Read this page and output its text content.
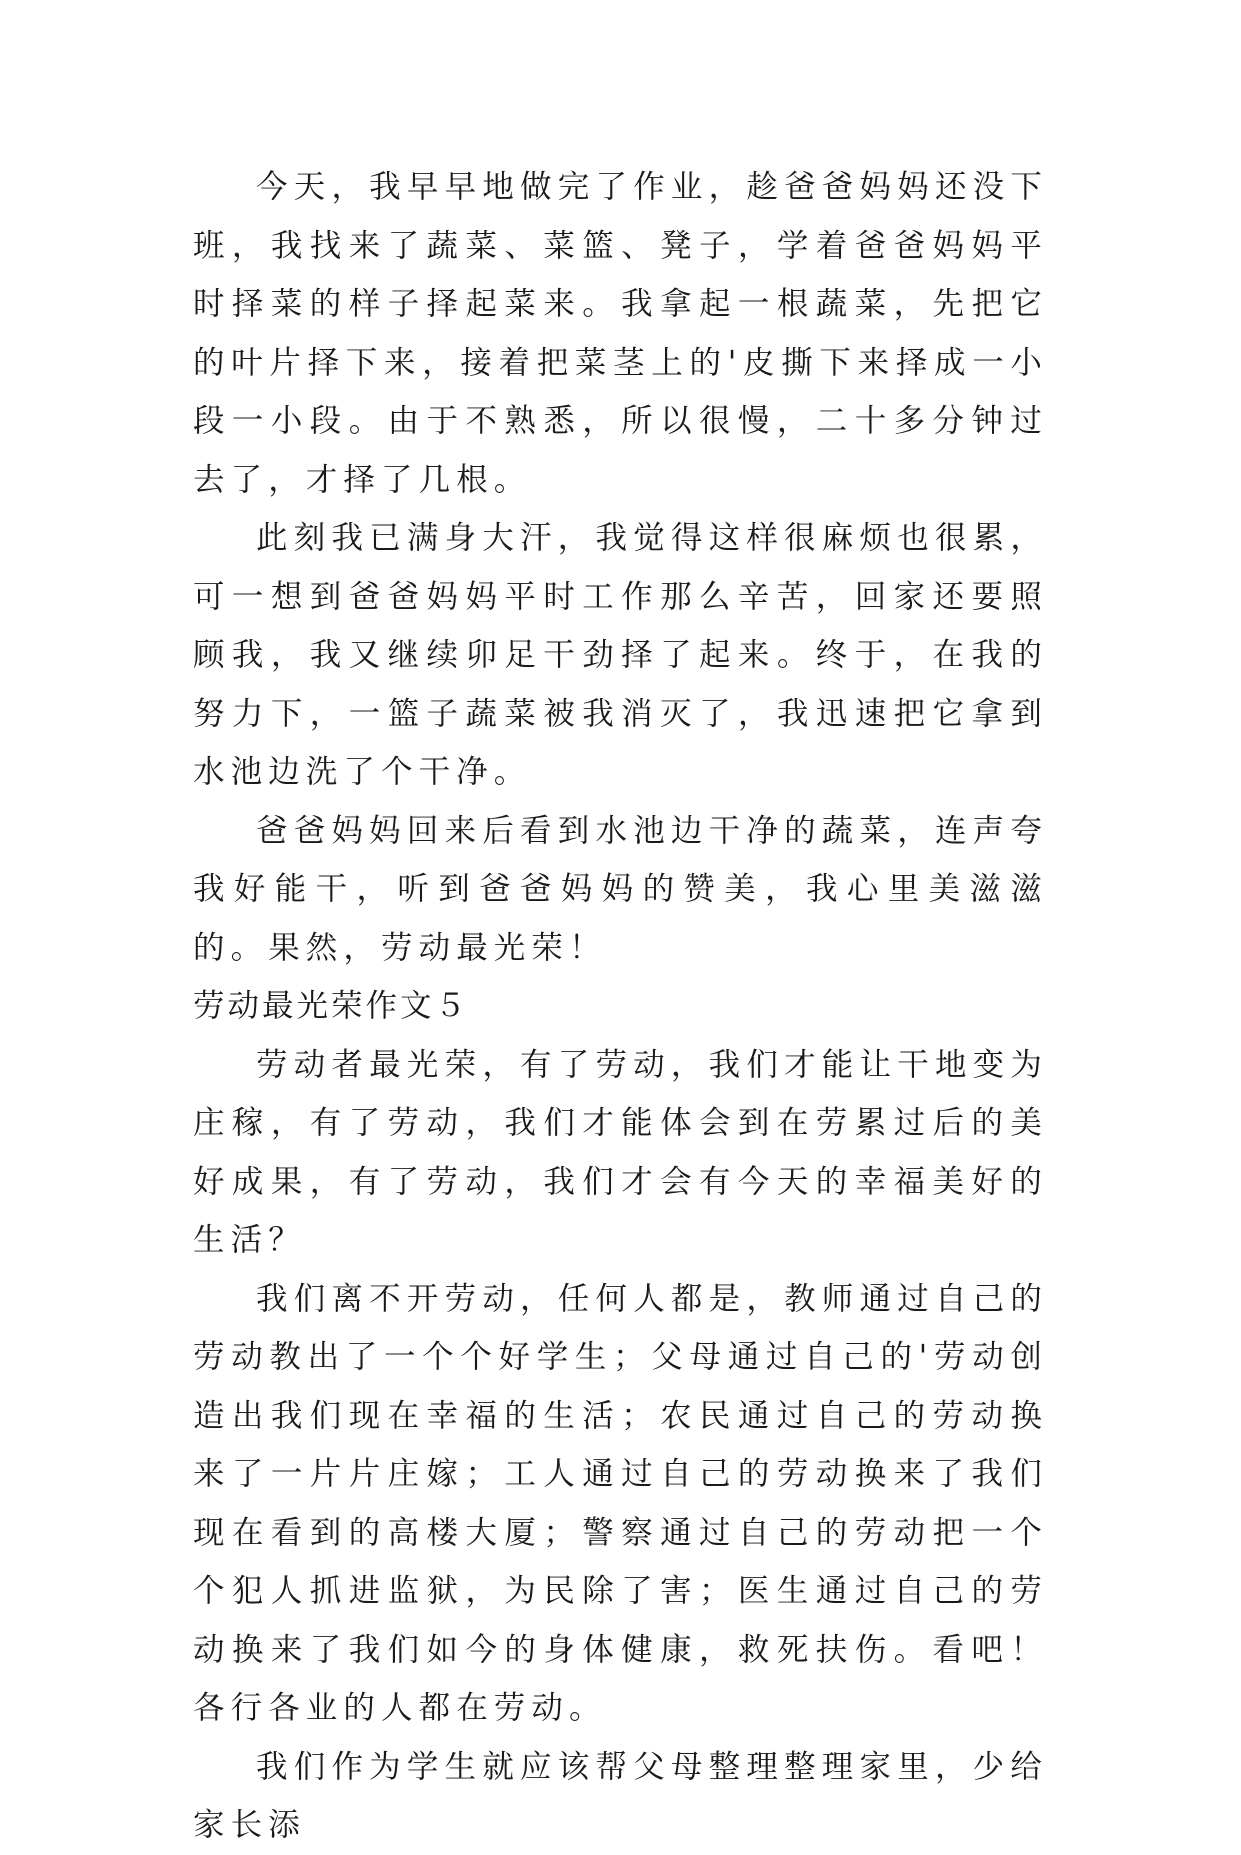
今天，我早早地做完了作业，趁爸爸妈妈还没下班，我找来了蔬菜、菜篮、凳子，学着爸爸妈妈平时择菜的样子择起菜来。我拿起一根蔬菜，先把它的叶片择下来，接着把菜茎上的'皮撕下来择成一小段一小段。由于不熟悉，所以很慢，二十多分钟过去了，才择了几根。

此刻我已满身大汗，我觉得这样很麻烦也很累，可一想到爸爸妈妈平时工作那么辛苦，回家还要照顾我，我又继续卯足干劲择了起来。终于，在我的努力下，一篮子蔬菜被我消灭了，我迅速把它拿到水池边洗了个干净。

爸爸妈妈回来后看到水池边干净的蔬菜，连声夸我好能干，听到爸爸妈妈的赞美，我心里美滋滋的。果然，劳动最光荣！

劳动最光荣作文５

劳动者最光荣，有了劳动，我们才能让干地变为庄稼，有了劳动，我们才能体会到在劳累过后的美好成果，有了劳动，我们才会有今天的幸福美好的生活？

我们离不开劳动，任何人都是，教师通过自己的劳动教出了一个个好学生；父母通过自己的'劳动创造出我们现在幸福的生活；农民通过自己的劳动换来了一片片庄嫁；工人通过自己的劳动换来了我们现在看到的高楼大厦；警察通过自己的劳动把一个个犯人抓进监狱，为民除了害；医生通过自己的劳动换来了我们如今的身体健康，救死扶伤。看吧！各行各业的人都在劳动。

我们作为学生就应该帮父母整理整理家里，少给家长添
